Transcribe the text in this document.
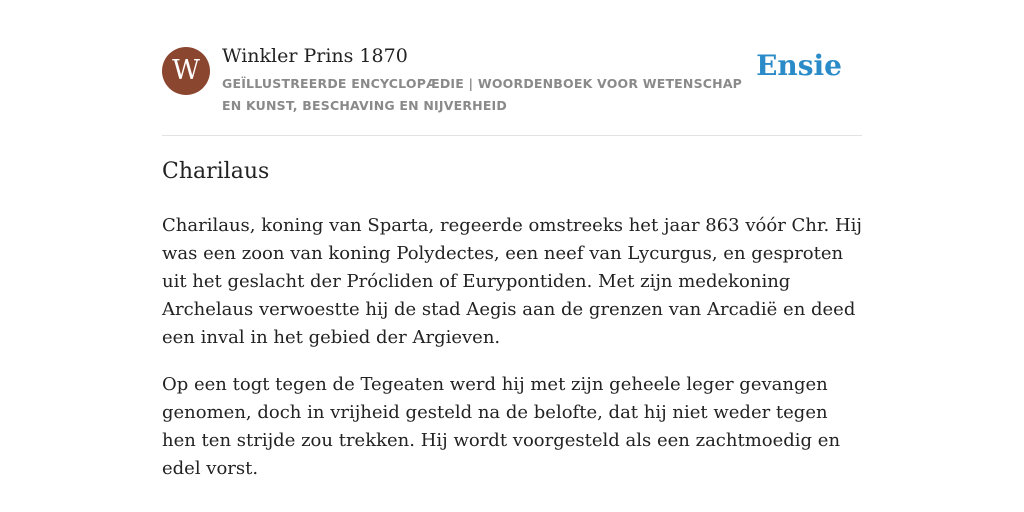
W	Winkler Prins 1870
GEÏLLUSTREERDE ENCYCLOPÆDIE | WOORDENBOEK VOOR WETENSCHAP EN KUNST, BESCHAVING EN NIJVERHEID
Ensie
Charilaus

Charilaus, koning van Sparta, regeerde omstreeks het jaar 863 vóór Chr. Hij was een zoon van koning Polydectes, een neef van Lycurgus, en gesproten uit het geslacht der Prócliden of Eurypontiden. Met zijn medekoning Archelaus verwoestte hij de stad Aegis aan de grenzen van Arcadië en deed een inval in het gebied der Argieven.

Op een togt tegen de Tegeaten werd hij met zijn geheele leger gevangen genomen, doch in vrijheid gesteld na de belofte, dat hij niet weder tegen hen ten strijde zou trekken. Hij wordt voorgesteld als een zachtmoedig en edel vorst.
